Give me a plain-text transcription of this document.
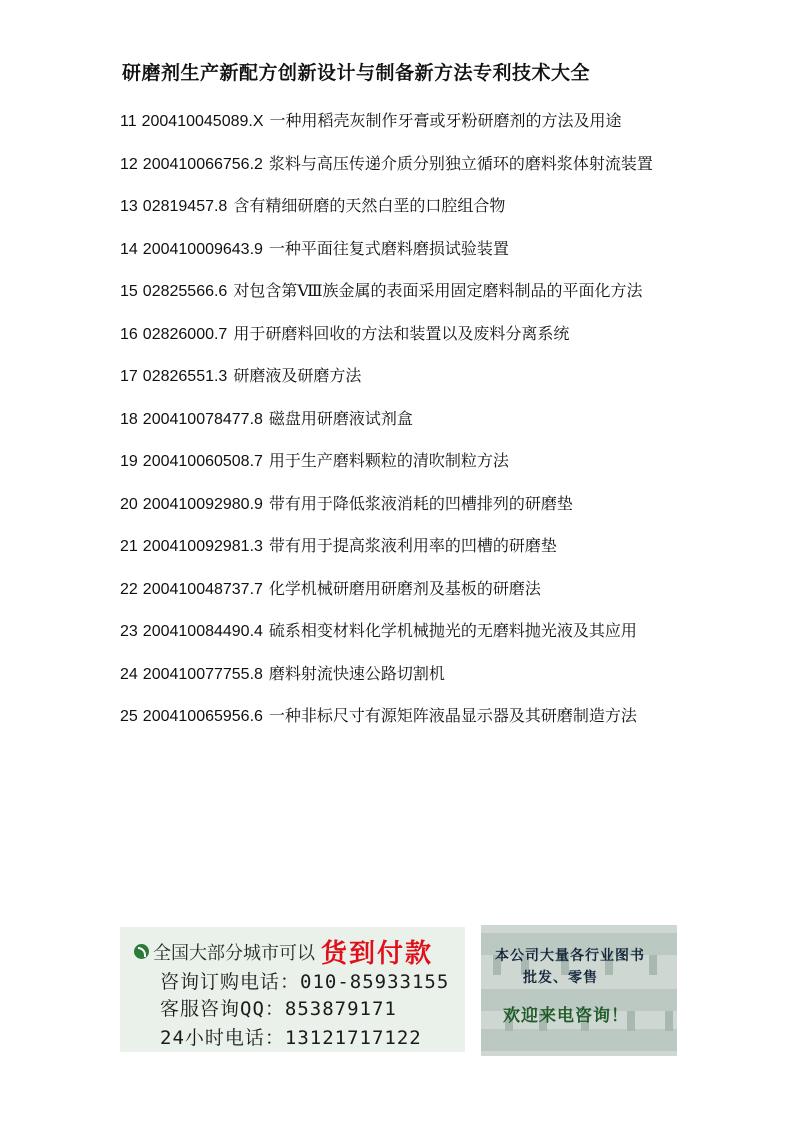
研磨剂生产新配方创新设计与制备新方法专利技术大全
11 200410045089.X 一种用稻壳灰制作牙膏或牙粉研磨剂的方法及用途
12 200410066756.2 浆料与高压传递介质分别独立循环的磨料浆体射流装置
13 02819457.8 含有精细研磨的天然白垩的口腔组合物
14 200410009643.9 一种平面往复式磨料磨损试验装置
15 02825566.6 对包含第Ⅷ族金属的表面采用固定磨料制品的平面化方法
16 02826000.7 用于研磨料回收的方法和装置以及废料分离系统
17 02826551.3 研磨液及研磨方法
18 200410078477.8 磁盘用研磨液试剂盒
19 200410060508.7 用于生产磨料颗粒的清吹制粒方法
20 200410092980.9 带有用于降低浆液消耗的凹槽排列的研磨垫
21 200410092981.3 带有用于提高浆液利用率的凹槽的研磨垫
22 200410048737.7 化学机械研磨用研磨剂及基板的研磨法
23 200410084490.4 硫系相变材料化学机械抛光的无磨料抛光液及其应用
24 200410077755.8 磨料射流快速公路切割机
25 200410065956.6 一种非标尺寸有源矩阵液晶显示器及其研磨制造方法
全国大部分城市可以 货到付款
咨询订购电话：010-85933155
客服咨询QQ：853879171
24小时电话：13121717122
本公司大量各行业图书
批发、零售
欢迎来电咨询！
